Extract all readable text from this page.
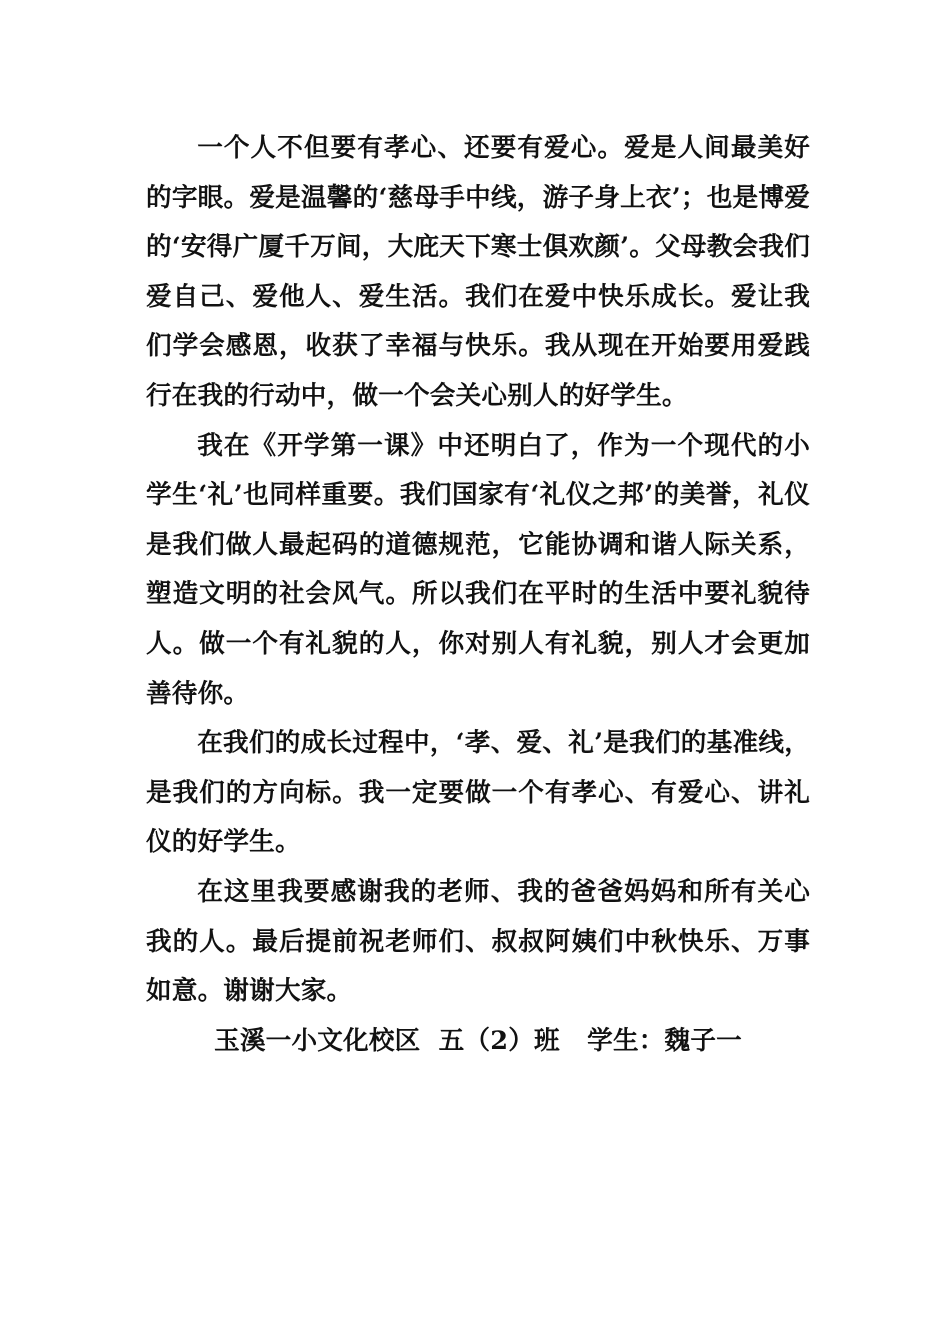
一个人不但要有孝心、还要有爱心。爱是人间最美好的字眼。爱是温馨的‘慈母手中线，游子身上衣’；也是博爱的‘安得广厦千万间，大庇天下寒士俱欢颜’。父母教会我们爱自己、爱他人、爱生活。我们在爱中快乐成长。爱让我们学会感恩，收获了幸福与快乐。我从现在开始要用爱践行在我的行动中，做一个会关心别人的好学生。

我在《开学第一课》中还明白了，作为一个现代的小学生‘礼’也同样重要。我们国家有‘礼仪之邦’的美誉，礼仪是我们做人最起码的道德规范，它能协调和谐人际关系，塑造文明的社会风气。所以我们在平时的生活中要礼貌待人。做一个有礼貌的人，你对别人有礼貌，别人才会更加善待你。

在我们的成长过程中，‘孝、爱、礼’是我们的基准线，是我们的方向标。我一定要做一个有孝心、有爱心、讲礼仪的好学生。

在这里我要感谢我的老师、我的爸爸妈妈和所有关心我的人。最后提前祝老师们、叔叔阿姨们中秋快乐、万事如意。谢谢大家。

玉溪一小文化校区  五（2）班   学生：魏子一
